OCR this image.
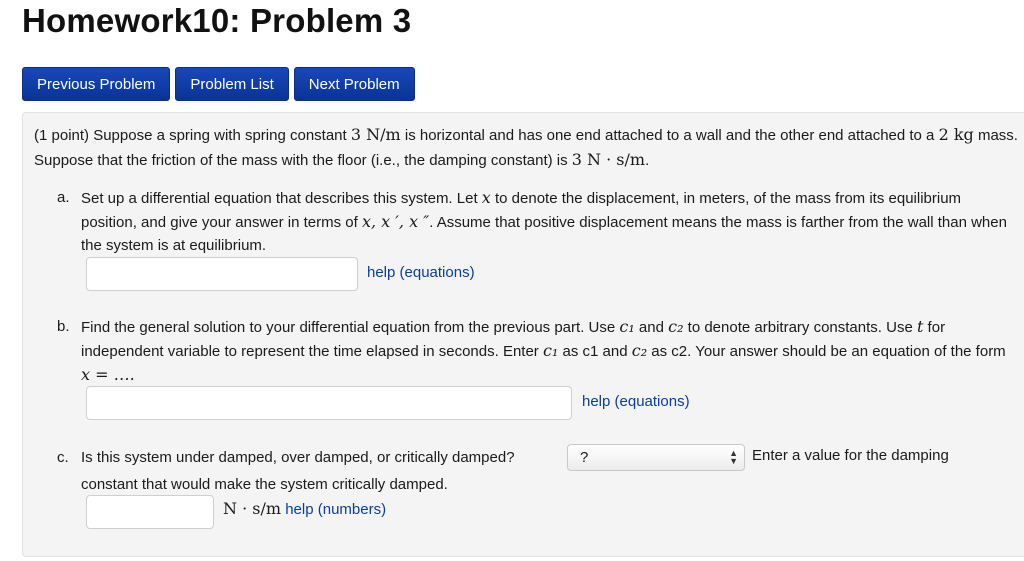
Homework10: Problem 3
Previous Problem	Problem List	Next Problem
(1 point) Suppose a spring with spring constant 3 N/m is horizontal and has one end attached to a wall and the other end attached to a 2 kg mass. Suppose that the friction of the mass with the floor (i.e., the damping constant) is 3 N · s/m.
a. Set up a differential equation that describes this system. Let x to denote the displacement, in meters, of the mass from its equilibrium position, and give your answer in terms of x, x ′, x ″. Assume that positive displacement means the mass is farther from the wall than when the system is at equilibrium.
help (equations)
b. Find the general solution to your differential equation from the previous part. Use c₁ and c₂ to denote arbitrary constants. Use t for independent variable to represent the time elapsed in seconds. Enter c₁ as c1 and c₂ as c2. Your answer should be an equation of the form x = ….
help (equations)
c. Is this system under damped, over damped, or critically damped?	?	▲
▼ Enter a value for the damping
constant that would make the system critically damped.
N · s/m help (numbers)
